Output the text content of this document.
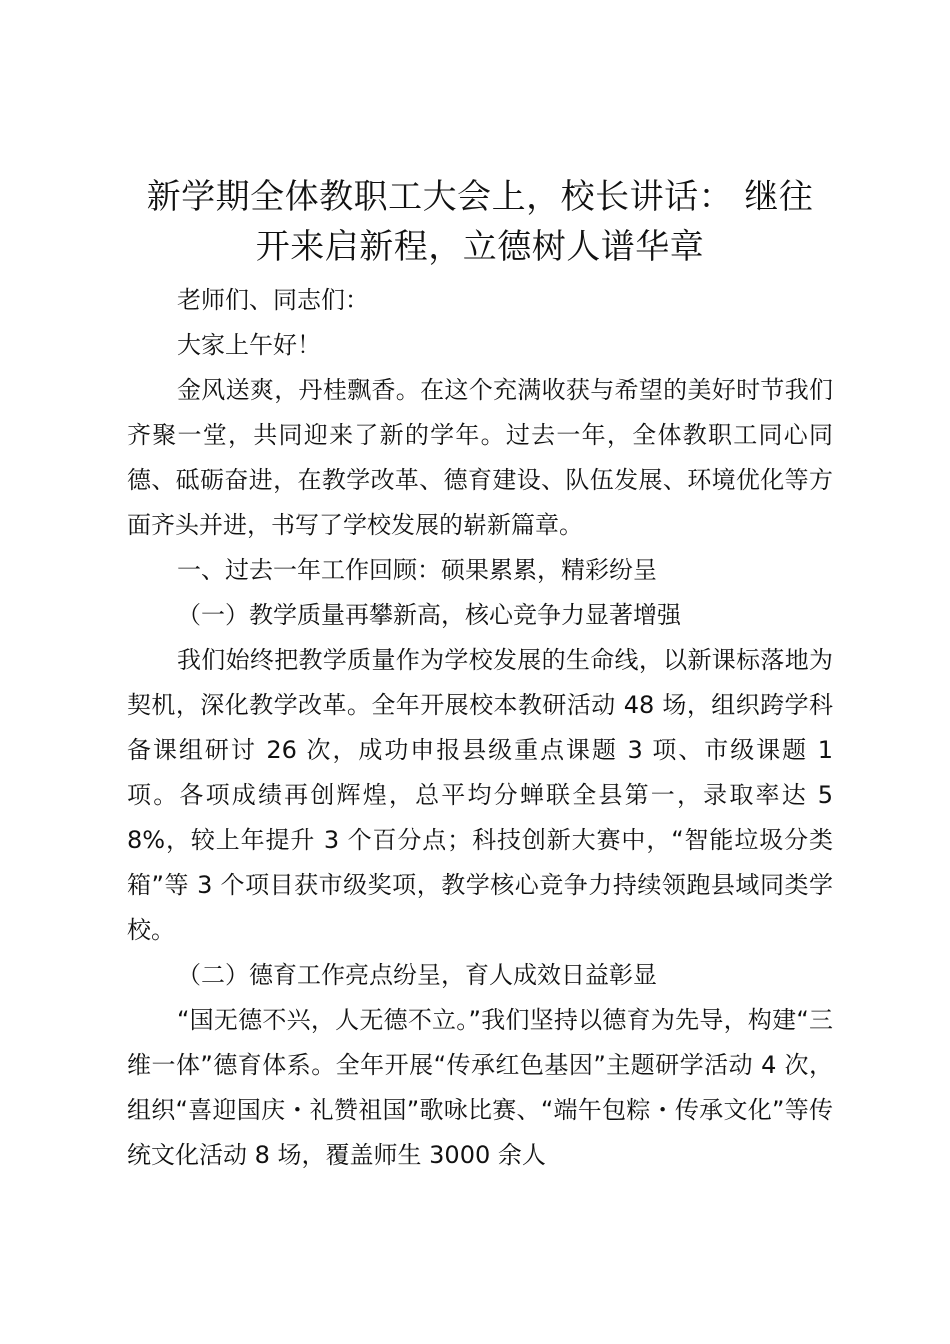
新学期全体教职工大会上，校长讲话： 继往
开来启新程，立德树人谱华章

老师们、同志们：

大家上午好！

金风送爽，丹桂飘香。在这个充满收获与希望的美好时节我们齐聚一堂，共同迎来了新的学年。过去一年，全体教职工同心同德、砥砺奋进，在教学改革、德育建设、队伍发展、环境优化等方面齐头并进，书写了学校发展的崭新篇章。

一、过去一年工作回顾：硕果累累，精彩纷呈

（一）教学质量再攀新高，核心竞争力显著增强

我们始终把教学质量作为学校发展的生命线，以新课标落地为契机，深化教学改革。全年开展校本教研活动 48 场，组织跨学科备课组研讨 26 次，成功申报县级重点课题 3 项、市级课题 1 项。各项成绩再创辉煌，总平均分蝉联全县第一，录取率达 58%，较上年提升 3 个百分点；科技创新大赛中，“智能垃圾分类箱”等 3 个项目获市级奖项，教学核心竞争力持续领跑县域同类学校。

（二）德育工作亮点纷呈，育人成效日益彰显

“国无德不兴，人无德不立。”我们坚持以德育为先导，构建“三维一体”德育体系。全年开展“传承红色基因”主题研学活动 4 次，组织“喜迎国庆・礼赞祖国”歌咏比赛、“端午包粽・传承文化”等传统文化活动 8 场，覆盖师生 3000 余人
